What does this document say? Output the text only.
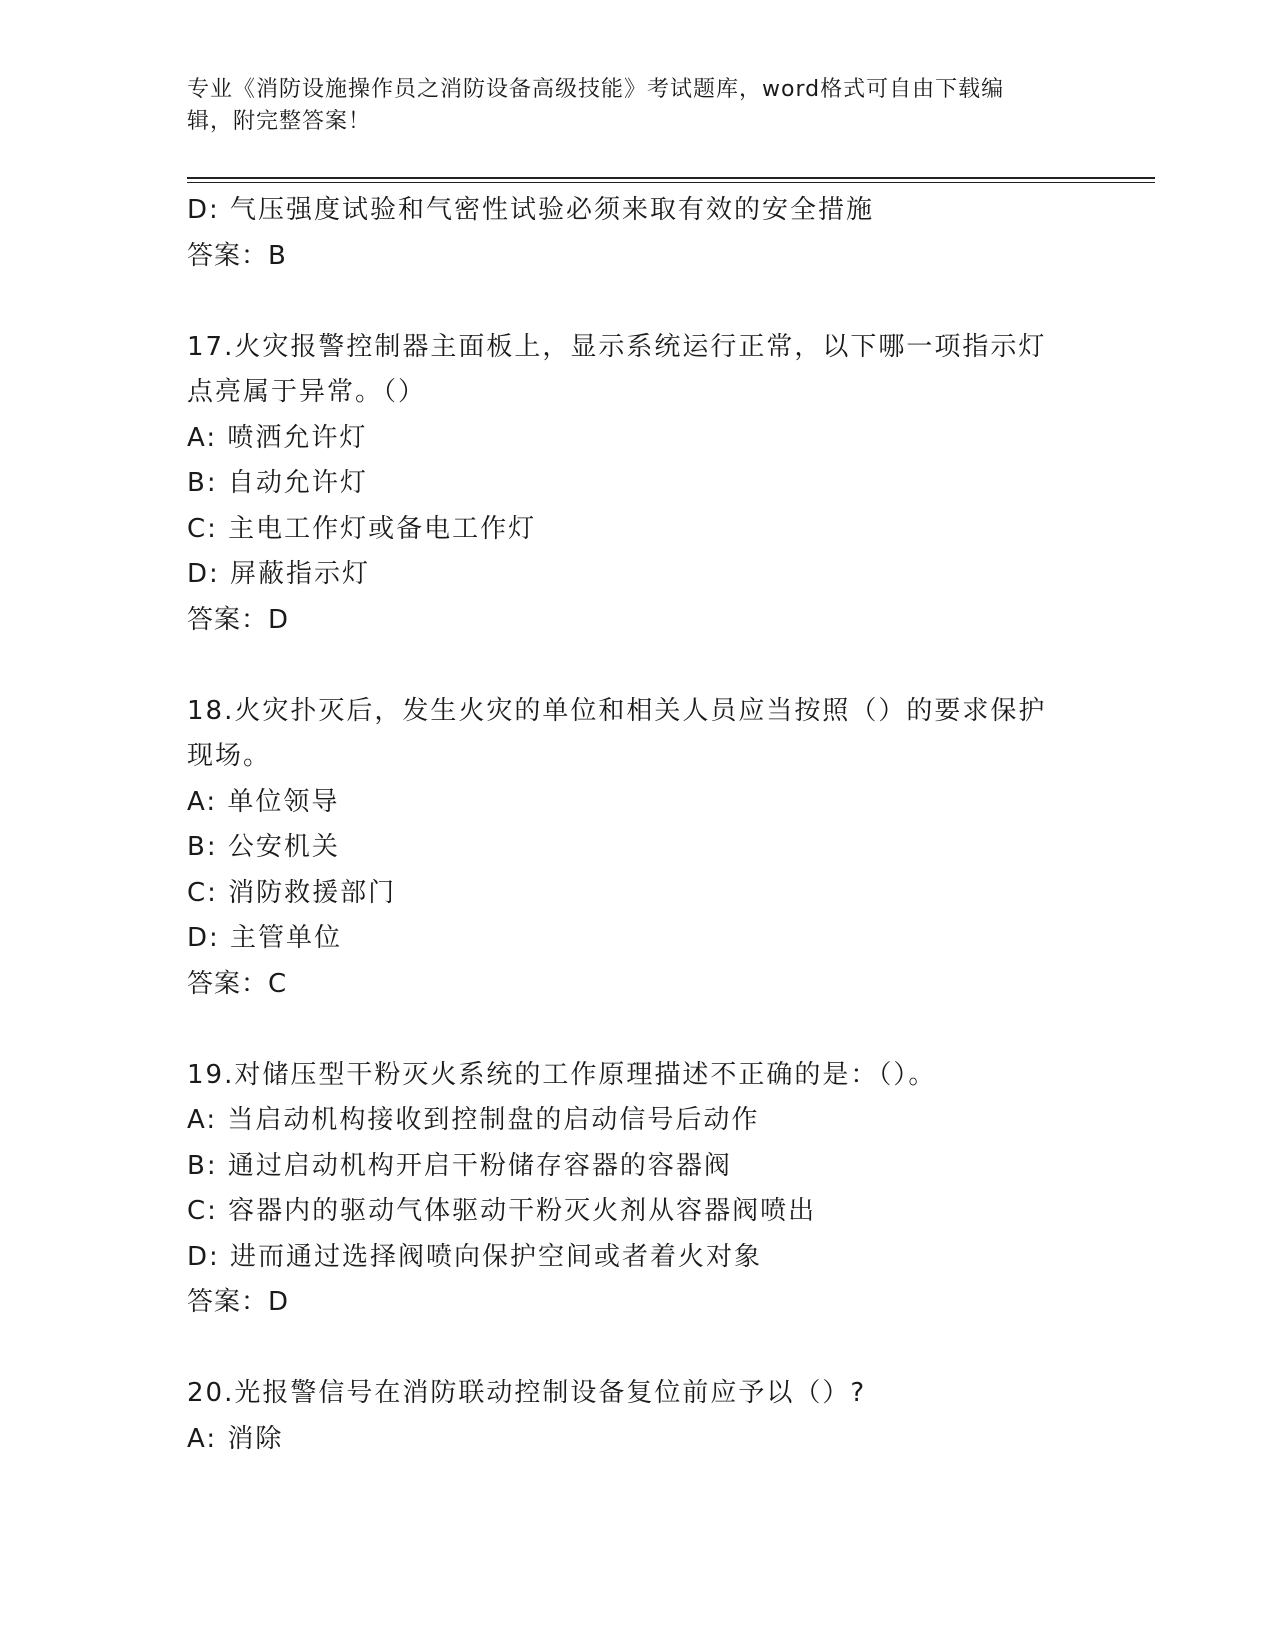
专业《消防设施操作员之消防设备高级技能》考试题库，word格式可自由下载编
辑，附完整答案！
D: 气压强度试验和气密性试验必须来取有效的安全措施
答案：B
17.火灾报警控制器主面板上，显示系统运行正常，以下哪一项指示灯
点亮属于异常。（）
A: 喷洒允许灯
B: 自动允许灯
C: 主电工作灯或备电工作灯
D: 屏蔽指示灯
答案：D
18.火灾扑灭后，发生火灾的单位和相关人员应当按照（）的要求保护
现场。
A: 单位领导
B: 公安机关
C: 消防救援部门
D: 主管单位
答案：C
19.对储压型干粉灭火系统的工作原理描述不正确的是：（）。
A: 当启动机构接收到控制盘的启动信号后动作
B: 通过启动机构开启干粉储存容器的容器阀
C: 容器内的驱动气体驱动干粉灭火剂从容器阀喷出
D: 进而通过选择阀喷向保护空间或者着火对象
答案：D
20.光报警信号在消防联动控制设备复位前应予以（）?
A: 消除
